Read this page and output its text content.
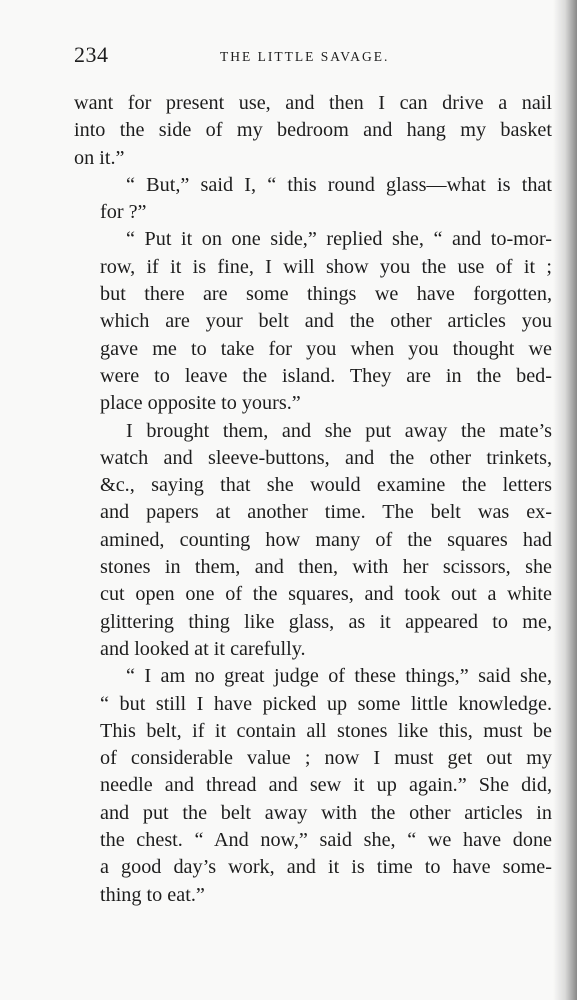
234	THE LITTLE SAVAGE.

want for present use, and then I can drive a nail
into the side of my bedroom and hang my basket
on it.”

“ But,” said I, “ this round glass—what is that
for ?”

“ Put it on one side,” replied she, “ and to-mor-
row, if it is fine, I will show you the use of it ;
but there are some things we have forgotten,
which are your belt and the other articles you
gave me to take for you when you thought we
were to leave the island. They are in the bed-
place opposite to yours.”

I brought them, and she put away the mate’s
watch and sleeve-buttons, and the other trinkets,
&c., saying that she would examine the letters
and papers at another time. The belt was ex-
amined, counting how many of the squares had
stones in them, and then, with her scissors, she
cut open one of the squares, and took out a white
glittering thing like glass, as it appeared to me,
and looked at it carefully.

“ I am no great judge of these things,” said she,
“ but still I have picked up some little knowledge.
This belt, if it contain all stones like this, must be
of considerable value ; now I must get out my
needle and thread and sew it up again.” She did,
and put the belt away with the other articles in
the chest. “ And now,” said she, “ we have done
a good day’s work, and it is time to have some-
thing to eat.”
